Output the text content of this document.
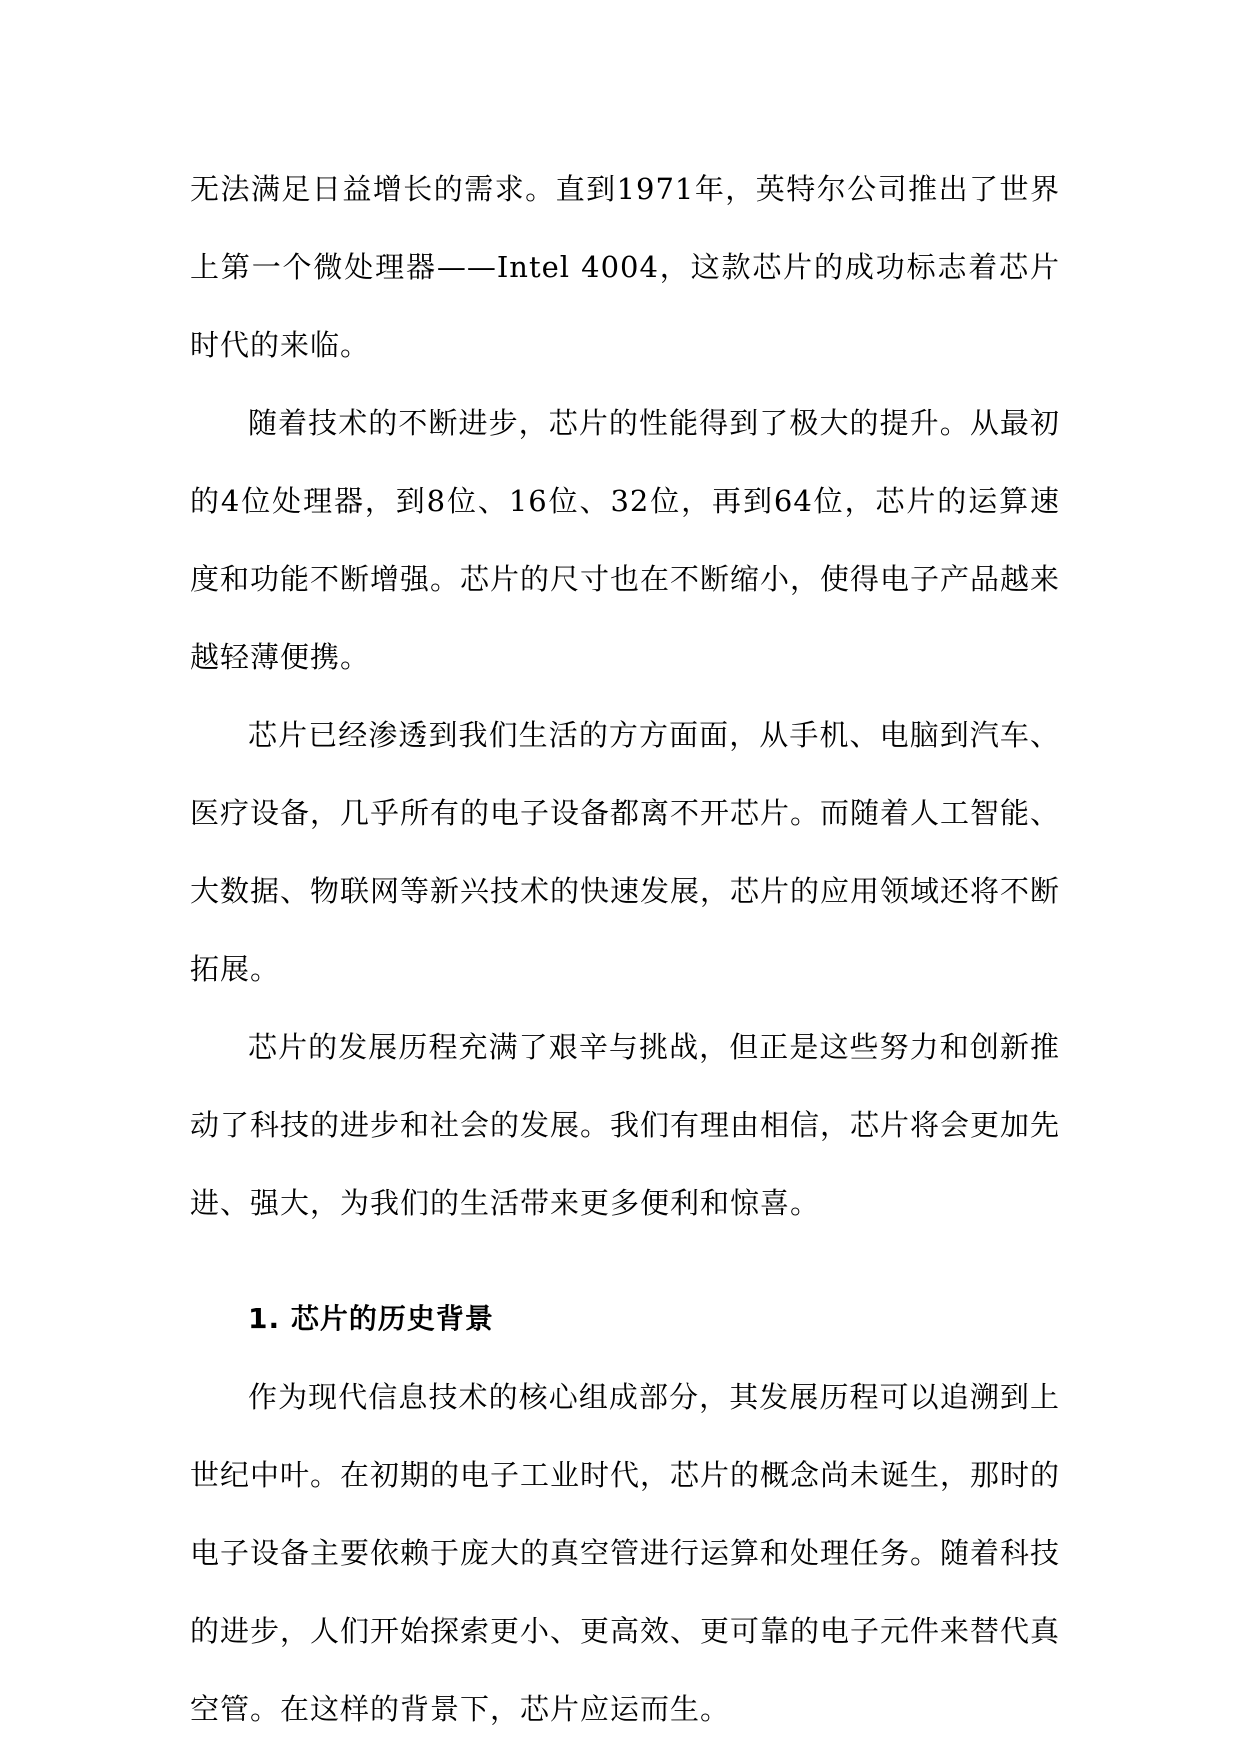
无法满足日益增长的需求。直到1971年，英特尔公司推出了世界上第一个微处理器——Intel 4004，这款芯片的成功标志着芯片时代的来临。

随着技术的不断进步，芯片的性能得到了极大的提升。从最初的4位处理器，到8位、16位、32位，再到64位，芯片的运算速度和功能不断增强。芯片的尺寸也在不断缩小，使得电子产品越来越轻薄便携。

芯片已经渗透到我们生活的方方面面，从手机、电脑到汽车、医疗设备，几乎所有的电子设备都离不开芯片。而随着人工智能、大数据、物联网等新兴技术的快速发展，芯片的应用领域还将不断拓展。

芯片的发展历程充满了艰辛与挑战，但正是这些努力和创新推动了科技的进步和社会的发展。我们有理由相信，芯片将会更加先进、强大，为我们的生活带来更多便利和惊喜。

1. 芯片的历史背景

作为现代信息技术的核心组成部分，其发展历程可以追溯到上世纪中叶。在初期的电子工业时代，芯片的概念尚未诞生，那时的电子设备主要依赖于庞大的真空管进行运算和处理任务。随着科技的进步，人们开始探索更小、更高效、更可靠的电子元件来替代真空管。在这样的背景下，芯片应运而生。
